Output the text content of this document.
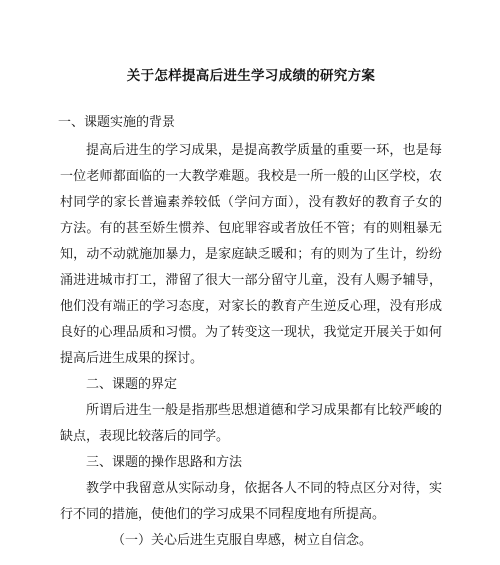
关于怎样提高后进生学习成绩的研究方案
一、课题实施的背景

提高后进生的学习成果，是提高教学质量的重要一环，也是每一位老师都面临的一大教学难题。我校是一所一般的山区学校，农村同学的家长普遍素养较低（学问方面），没有教好的教育子女的方法。有的甚至娇生惯养、包庇罪容或者放任不管；有的则粗暴无知，动不动就施加暴力，是家庭缺乏暖和；有的则为了生计，纷纷涌进进城市打工，滞留了很大一部分留守儿童，没有人赐予辅导，他们没有端正的学习态度，对家长的教育产生逆反心理，没有形成良好的心理品质和习惯。为了转变这一现状，我觉定开展关于如何提高后进生成果的探讨。

二、课题的界定

所谓后进生一般是指那些思想道德和学习成果都有比较严峻的缺点，表现比较落后的同学。

三、课题的操作思路和方法

教学中我留意从实际动身，依据各人不同的特点区分对待，实行不同的措施，使他们的学习成果不同程度地有所提高。

（一）关心后进生克服自卑感，树立自信念。
